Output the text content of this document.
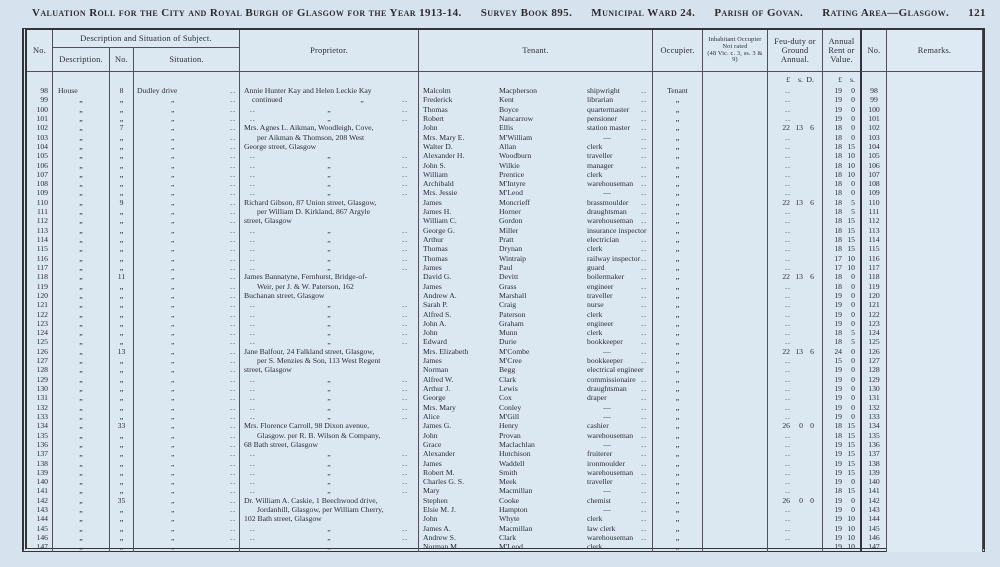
Valuation Roll for the City and Royal Burgh of Glasgow for the Year 1913-14. Survey Book 895. Municipal Ward 24. Parish of Govan. Rating Area—Glasgow. 121
No.
Description and Situation of Subject.
Proprietor.	Tenant.	Occupier.
Inhabitant Occupier
Not rated
(48 Vic. c. 3, ss. 3 & 9)
Feu-duty or Ground Annual.
Annual Rent or Value.
No.	Remarks.
Description.	No.	Situation.
£	s. D.	£	s.
98	House	8	Dudley drive	..	Annie Hunter Kay and Helen Leckie Kay	Malcolm	Macpherson	shipwright	..	Tenant	..	19	0	98
99	„	„	„	..	continued	„	..	Frederick	Kent	librarian	..	„	..	19	0	99
100	„	„	„	..	..	„	.. Thomas	Boyce	quartermaster ..	„	..	19	0	100
101	„	„	„	..	..	„	.. Robert	Nancarrow	pensioner	..	„	..	19	0	101
102	„	7	„	..	Mrs. Agnes L. Aikman, Woodleigh, Cove,	John	Ellis	station master ..	„	22 13 6	18	0	102
103	„	„	„	..	per Aikman & Thomson, 208 West	Mrs. Mary E.	M'William	—	..	„	..	18	0	103
104	„	„	„	..	George street, Glasgow	Walter D.	Allan	clerk	..	„	..	18 15	104
105	„	„	„	..	..	„	.. Alexander H.	Woodburn	traveller	..	„	..	18 10	105
106	„	„	„	..	..	„	.. John S.	Wilkie	manager	..	„	..	18 10	106
107	„	„	„	..	..	„	.. William	Prentice	clerk	..	„	..	18 10	107
108	„	„	„	..	..	„	.. Archibald	M'Intyre	warehouseman ..	„	..	18	0	108
109	„	„	„	..	..	„	.. Mrs. Jessie	M'Leod	—	..	„	..	18	0	109
110	„	9	„	..	Richard Gibson, 87 Union street, Glasgow,	James	Moncrieff	brassmoulder ..	„	22 13 6	18	5	110
111	„	„	„	..	per William D. Kirkland, 867 Argyle	James H.	Horner	draughtsman ..	„	..	18	5	111
112	„	„	„	..	street, Glasgow	William C.	Gordon	warehouseman ..	„	..	18 15	112
113	„	„	„	..	..	„	.. George G.	Miller	insurance inspector	„	..	18 15	113
114	„	„	„	..	..	„	.. Arthur	Pratt	electrician	..	„	..	18 15	114
115	„	„	„	..	..	„	.. Thomas	Drynan	clerk	..	„	..	18 15	115
116	„	„	„	..	..	„	.. Thomas	Wintraip	railway inspector ..	„	..	17 10	116
117	„	„	„	..	..	„	.. James	Paul	guard	..	„	..	17 10	117
118	„	11	„	..	James Bannatyne, Fernhurst, Bridge-of-	David G.	Devitt	boilermaker ..	„	22 13 6	18	0	118
119	„	„	„	..	Weir, per J. & W. Paterson, 162	James	Grass	engineer	..	„	..	18	0	119
120	„	„	„	..	Buchanan street, Glasgow	Andrew A.	Marshall	traveller	..	„	..	19	0	120
121	„	„	„	..	..	„	.. Sarah P.	Craig	nurse	..	„	..	19	0	121
122	„	„	„	..	..	„	.. Alfred S.	Paterson	clerk	..	„	..	19	0	122
123	„	„	„	..	..	„	.. John A.	Graham	engineer	..	„	..	19	0	123
124	„	„	„	..	..	„	.. John	Munn	clerk	..	„	..	18	5	124
125	„	„	„	..	..	„	.. Edward	Durie	bookkeeper ..	„	..	18	5	125
126	„	13	„	..	Jane Balfour, 24 Falkland street, Glasgow,	Mrs. Elizabeth	M'Combe	—	..	„	22 13 6	24	0	126
127	„	„	„	..	per S. Menzies & Son, 113 West Regent	James	M'Cree	bookkeeper ..	„	..	15	0	127
128	„	„	„	..	street, Glasgow	Norman	Begg	electrical engineer	„	..	19	0	128
129	„	„	„	..	..	„	.. Alfred W.	Clark	commissionaire ..	„	..	19	0	129
130	„	„	„	..	..	„	.. Arthur J.	Lewis	draughtsman ..	„	..	19	0	130
131	„	„	„	..	..	„	.. George	Cox	draper	..	„	..	19	0	131
132	„	„	„	..	..	„	.. Mrs. Mary	Conley	—	..	„	..	19	0	132
133	„	„	„	..	..	„	.. Alice	M'Gill	—	..	„	..	19	0	133
134	„	33	„	..	Mrs. Florence Carroll, 98 Dixon avenue,	James G.	Henry	cashier	..	„	26	0 0	18 15	134
135	„	„	„	..	Glasgow. per R. B. Wilson & Company,	John	Provan	warehouseman ..	„	..	18 15	135
136	„	„	„	..	68 Bath street, Glasgow	Grace	Maclachlan	—	..	„	..	19 15	136
137	„	„	„	..	..	„	.. Alexander	Hutchison	fruiterer	..	„	..	19 15	137
138	„	„	„	..	..	„	.. James	Waddell	ironmoulder ..	„	..	19 15	138
139	„	„	„	..	..	„	.. Robert M.	Smith	warehouseman ..	„	..	19 15	139
140	„	„	„	..	..	„	.. Charles G. S.	Meek	traveller	..	„	..	19	0	140
141	„	„	„	..	..	„	.. Mary	Macmillan	—	..	„	..	18 15	141
142	„	35	„	..	Dr. William A. Caskie, 1 Beechwood drive,	Stephen	Cooke	chemist	..	„	26	0 0	19	0	142
143	„	„	„	..	Jordanhill, Glasgow, per William Cherry,	Elsie M. J.	Hampton	—	..	„	..	19	0	143
144	„	„	„	..	102 Bath street, Glasgow	John	Whyte	clerk	..	„	..	19 10	144
145	„	„	„	..	..	„	.. James A.	Macmillan	law clerk	..	„	..	19 10	145
146	„	„	„	..	..	„	.. Andrew S.	Clark	warehouseman ..	„	..	19 10	146
147	„	„	„	..	..	„	.. Norman M.	M'Leod	clerk	..	„	..	19 10	147
